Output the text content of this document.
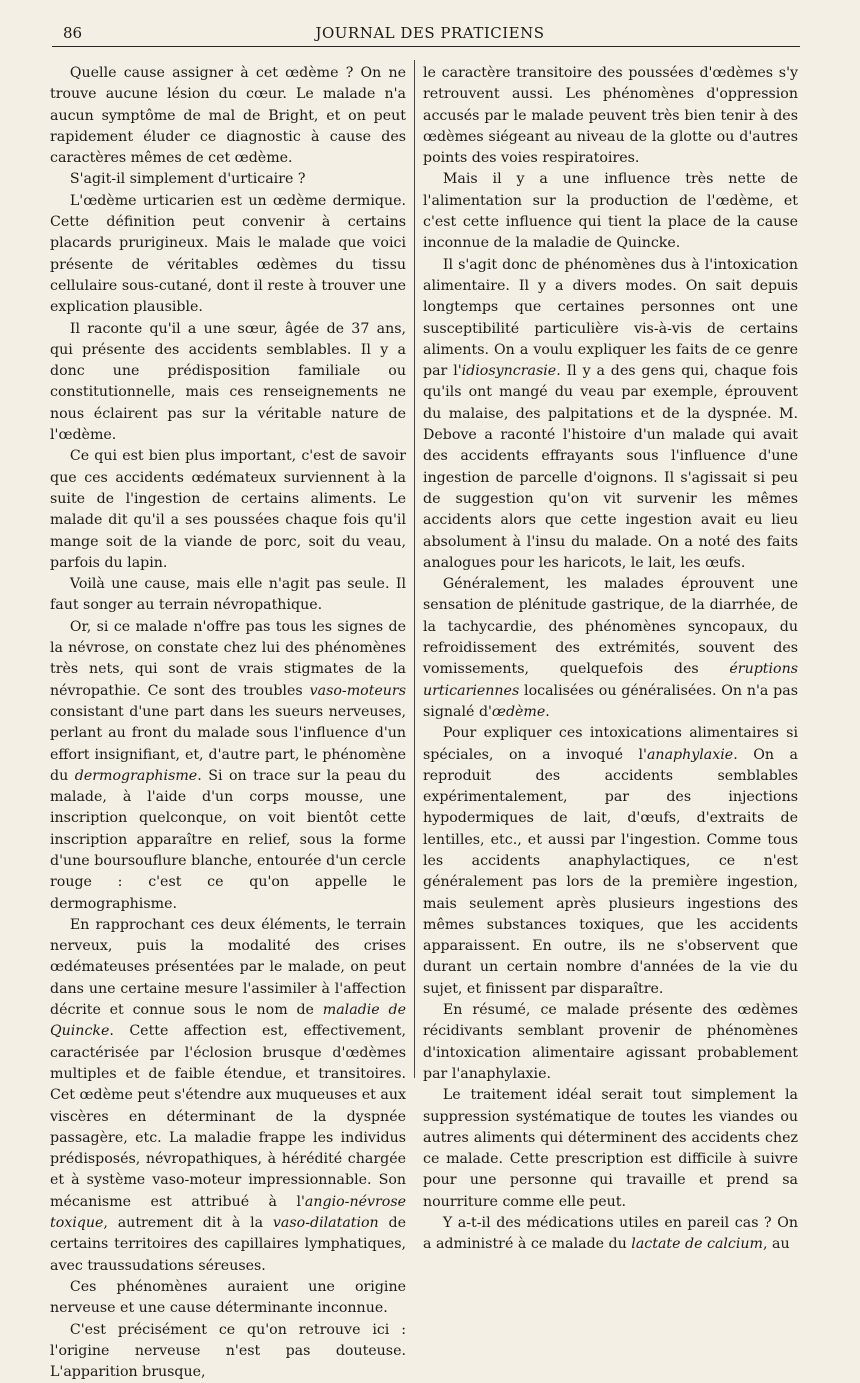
86	JOURNAL DES PRATICIENS

Quelle cause assigner à cet œdème ? On ne trouve aucune lésion du cœur. Le malade n'a aucun symptôme de mal de Bright, et on peut rapidement éluder ce diagnostic à cause des caractères mêmes de cet œdème.

S'agit-il simplement d'urticaire ?

L'œdème urticarien est un œdème dermique. Cette définition peut convenir à certains placards prurigineux. Mais le malade que voici présente de véritables œdèmes du tissu cellulaire sous-cutané, dont il reste à trouver une explication plausible.

Il raconte qu'il a une sœur, âgée de 37 ans, qui présente des accidents semblables. Il y a donc une prédisposition familiale ou constitutionnelle, mais ces renseignements ne nous éclairent pas sur la véritable nature de l'œdème.

Ce qui est bien plus important, c'est de savoir que ces accidents œdémateux surviennent à la suite de l'ingestion de certains aliments. Le malade dit qu'il a ses poussées chaque fois qu'il mange soit de la viande de porc, soit du veau, parfois du lapin.

Voilà une cause, mais elle n'agit pas seule. Il faut songer au terrain névropathique.

Or, si ce malade n'offre pas tous les signes de la névrose, on constate chez lui des phénomènes très nets, qui sont de vrais stigmates de la névropathie. Ce sont des troubles vaso-moteurs consistant d'une part dans les sueurs nerveuses, perlant au front du malade sous l'influence d'un effort insignifiant, et, d'autre part, le phénomène du dermographisme. Si on trace sur la peau du malade, à l'aide d'un corps mousse, une inscription quelconque, on voit bientôt cette inscription apparaître en relief, sous la forme d'une boursouflure blanche, entourée d'un cercle rouge : c'est ce qu'on appelle le dermographisme.

En rapprochant ces deux éléments, le terrain nerveux, puis la modalité des crises œdémateuses présentées par le malade, on peut dans une certaine mesure l'assimiler à l'affection décrite et connue sous le nom de maladie de Quincke. Cette affection est, effectivement, caractérisée par l'éclosion brusque d'œdèmes multiples et de faible étendue, et transitoires. Cet œdème peut s'étendre aux muqueuses et aux viscères en déterminant de la dyspnée passagère, etc. La maladie frappe les individus prédisposés, névropathiques, à hérédité chargée et à système vaso-moteur impressionnable. Son mécanisme est attribué à l'angio-névrose toxique, autrement dit à la vaso-dilatation de certains territoires des capillaires lymphatiques, avec traussudations séreuses.

Ces phénomènes auraient une origine nerveuse et une cause déterminante inconnue.

C'est précisément ce qu'on retrouve ici : l'origine nerveuse n'est pas douteuse. L'apparition brusque,

le caractère transitoire des poussées d'œdèmes s'y retrouvent aussi. Les phénomènes d'oppression accusés par le malade peuvent très bien tenir à des œdèmes siégeant au niveau de la glotte ou d'autres points des voies respiratoires.

Mais il y a une influence très nette de l'alimentation sur la production de l'œdème, et c'est cette influence qui tient la place de la cause inconnue de la maladie de Quincke.

Il s'agit donc de phénomènes dus à l'intoxication alimentaire. Il y a divers modes. On sait depuis longtemps que certaines personnes ont une susceptibilité particulière vis-à-vis de certains aliments. On a voulu expliquer les faits de ce genre par l'idiosyncrasie. Il y a des gens qui, chaque fois qu'ils ont mangé du veau par exemple, éprouvent du malaise, des palpitations et de la dyspnée. M. Debove a raconté l'histoire d'un malade qui avait des accidents effrayants sous l'influence d'une ingestion de parcelle d'oignons. Il s'agissait si peu de suggestion qu'on vit survenir les mêmes accidents alors que cette ingestion avait eu lieu absolument à l'insu du malade. On a noté des faits analogues pour les haricots, le lait, les œufs.

Généralement, les malades éprouvent une sensation de plénitude gastrique, de la diarrhée, de la tachycardie, des phénomènes syncopaux, du refroidissement des extrémités, souvent des vomissements, quelquefois des éruptions urticariennes localisées ou généralisées. On n'a pas signalé d'œdème.

Pour expliquer ces intoxications alimentaires si spéciales, on a invoqué l'anaphylaxie. On a reproduit des accidents semblables expérimentalement, par des injections hypodermiques de lait, d'œufs, d'extraits de lentilles, etc., et aussi par l'ingestion. Comme tous les accidents anaphylactiques, ce n'est généralement pas lors de la première ingestion, mais seulement après plusieurs ingestions des mêmes substances toxiques, que les accidents apparaissent. En outre, ils ne s'observent que durant un certain nombre d'années de la vie du sujet, et finissent par disparaître.

En résumé, ce malade présente des œdèmes récidivants semblant provenir de phénomènes d'intoxication alimentaire agissant probablement par l'anaphylaxie.

Le traitement idéal serait tout simplement la suppression systématique de toutes les viandes ou autres aliments qui déterminent des accidents chez ce malade. Cette prescription est difficile à suivre pour une personne qui travaille et prend sa nourriture comme elle peut.

Y a-t-il des médications utiles en pareil cas ? On a administré à ce malade du lactate de calcium, au
